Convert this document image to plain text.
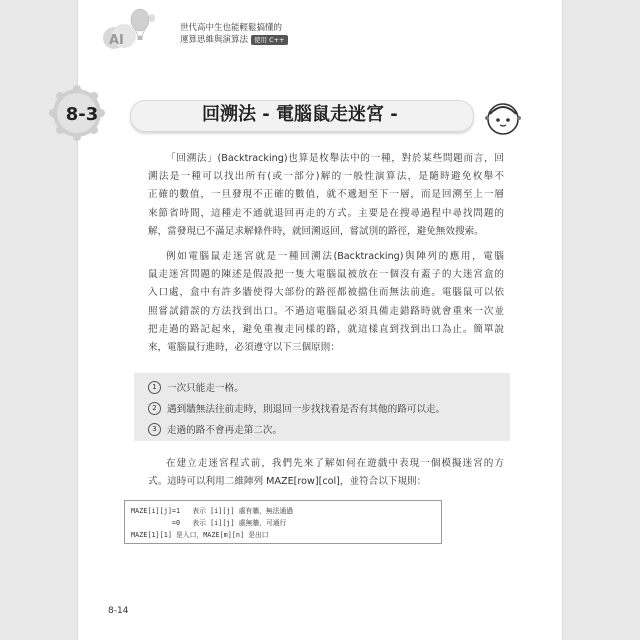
AI
世代高中生也能輕鬆搞懂的
運算思維與演算法 使用 C++
8-3	回溯法 - 電腦鼠走迷宮 -
「回溯法」(Backtracking)也算是枚舉法中的一種，對於某些問題而言，回
溯法是一種可以找出所有(或一部分)解的一般性演算法，是隨時避免枚舉不
正確的數值，一旦發現不正確的數值，就不遞迴至下一層，而是回溯至上一層
來節省時間，這種走不通就退回再走的方式。主要是在搜尋過程中尋找問題的
解，當發現已不滿足求解條件時，就回溯返回，嘗試別的路徑，避免無效搜索。
例如電腦鼠走迷宮就是一種回溯法(Backtracking)與陣列的應用，電腦
鼠走迷宮問題的陳述是假設把一隻大電腦鼠被放在一個沒有蓋子的大迷宮盒的
入口處，盒中有許多牆使得大部份的路徑都被擋住而無法前進。電腦鼠可以依
照嘗試錯誤的方法找到出口。不過這電腦鼠必須具備走錯路時就會重來一次並
把走過的路記起來，避免重複走同樣的路，就這樣直到找到出口為止。簡單說
來，電腦鼠行進時，必須遵守以下三個原則：
1	一次只能走一格。
2	遇到牆無法往前走時，則退回一步找找看是否有其他的路可以走。
3	走過的路不會再走第二次。
在建立走迷宮程式前，我們先來了解如何在遊戲中表現一個模擬迷宮的方
式。這時可以利用二維陣列 MAZE[row][col]，並符合以下規則：
MAZE[i][j]=1   表示 [i][j] 處有牆，無法通過
=0   表示 [i][j] 處無牆，可通行
MAZE[1][1] 是入口，MAZE[m][n] 是出口
8-14
